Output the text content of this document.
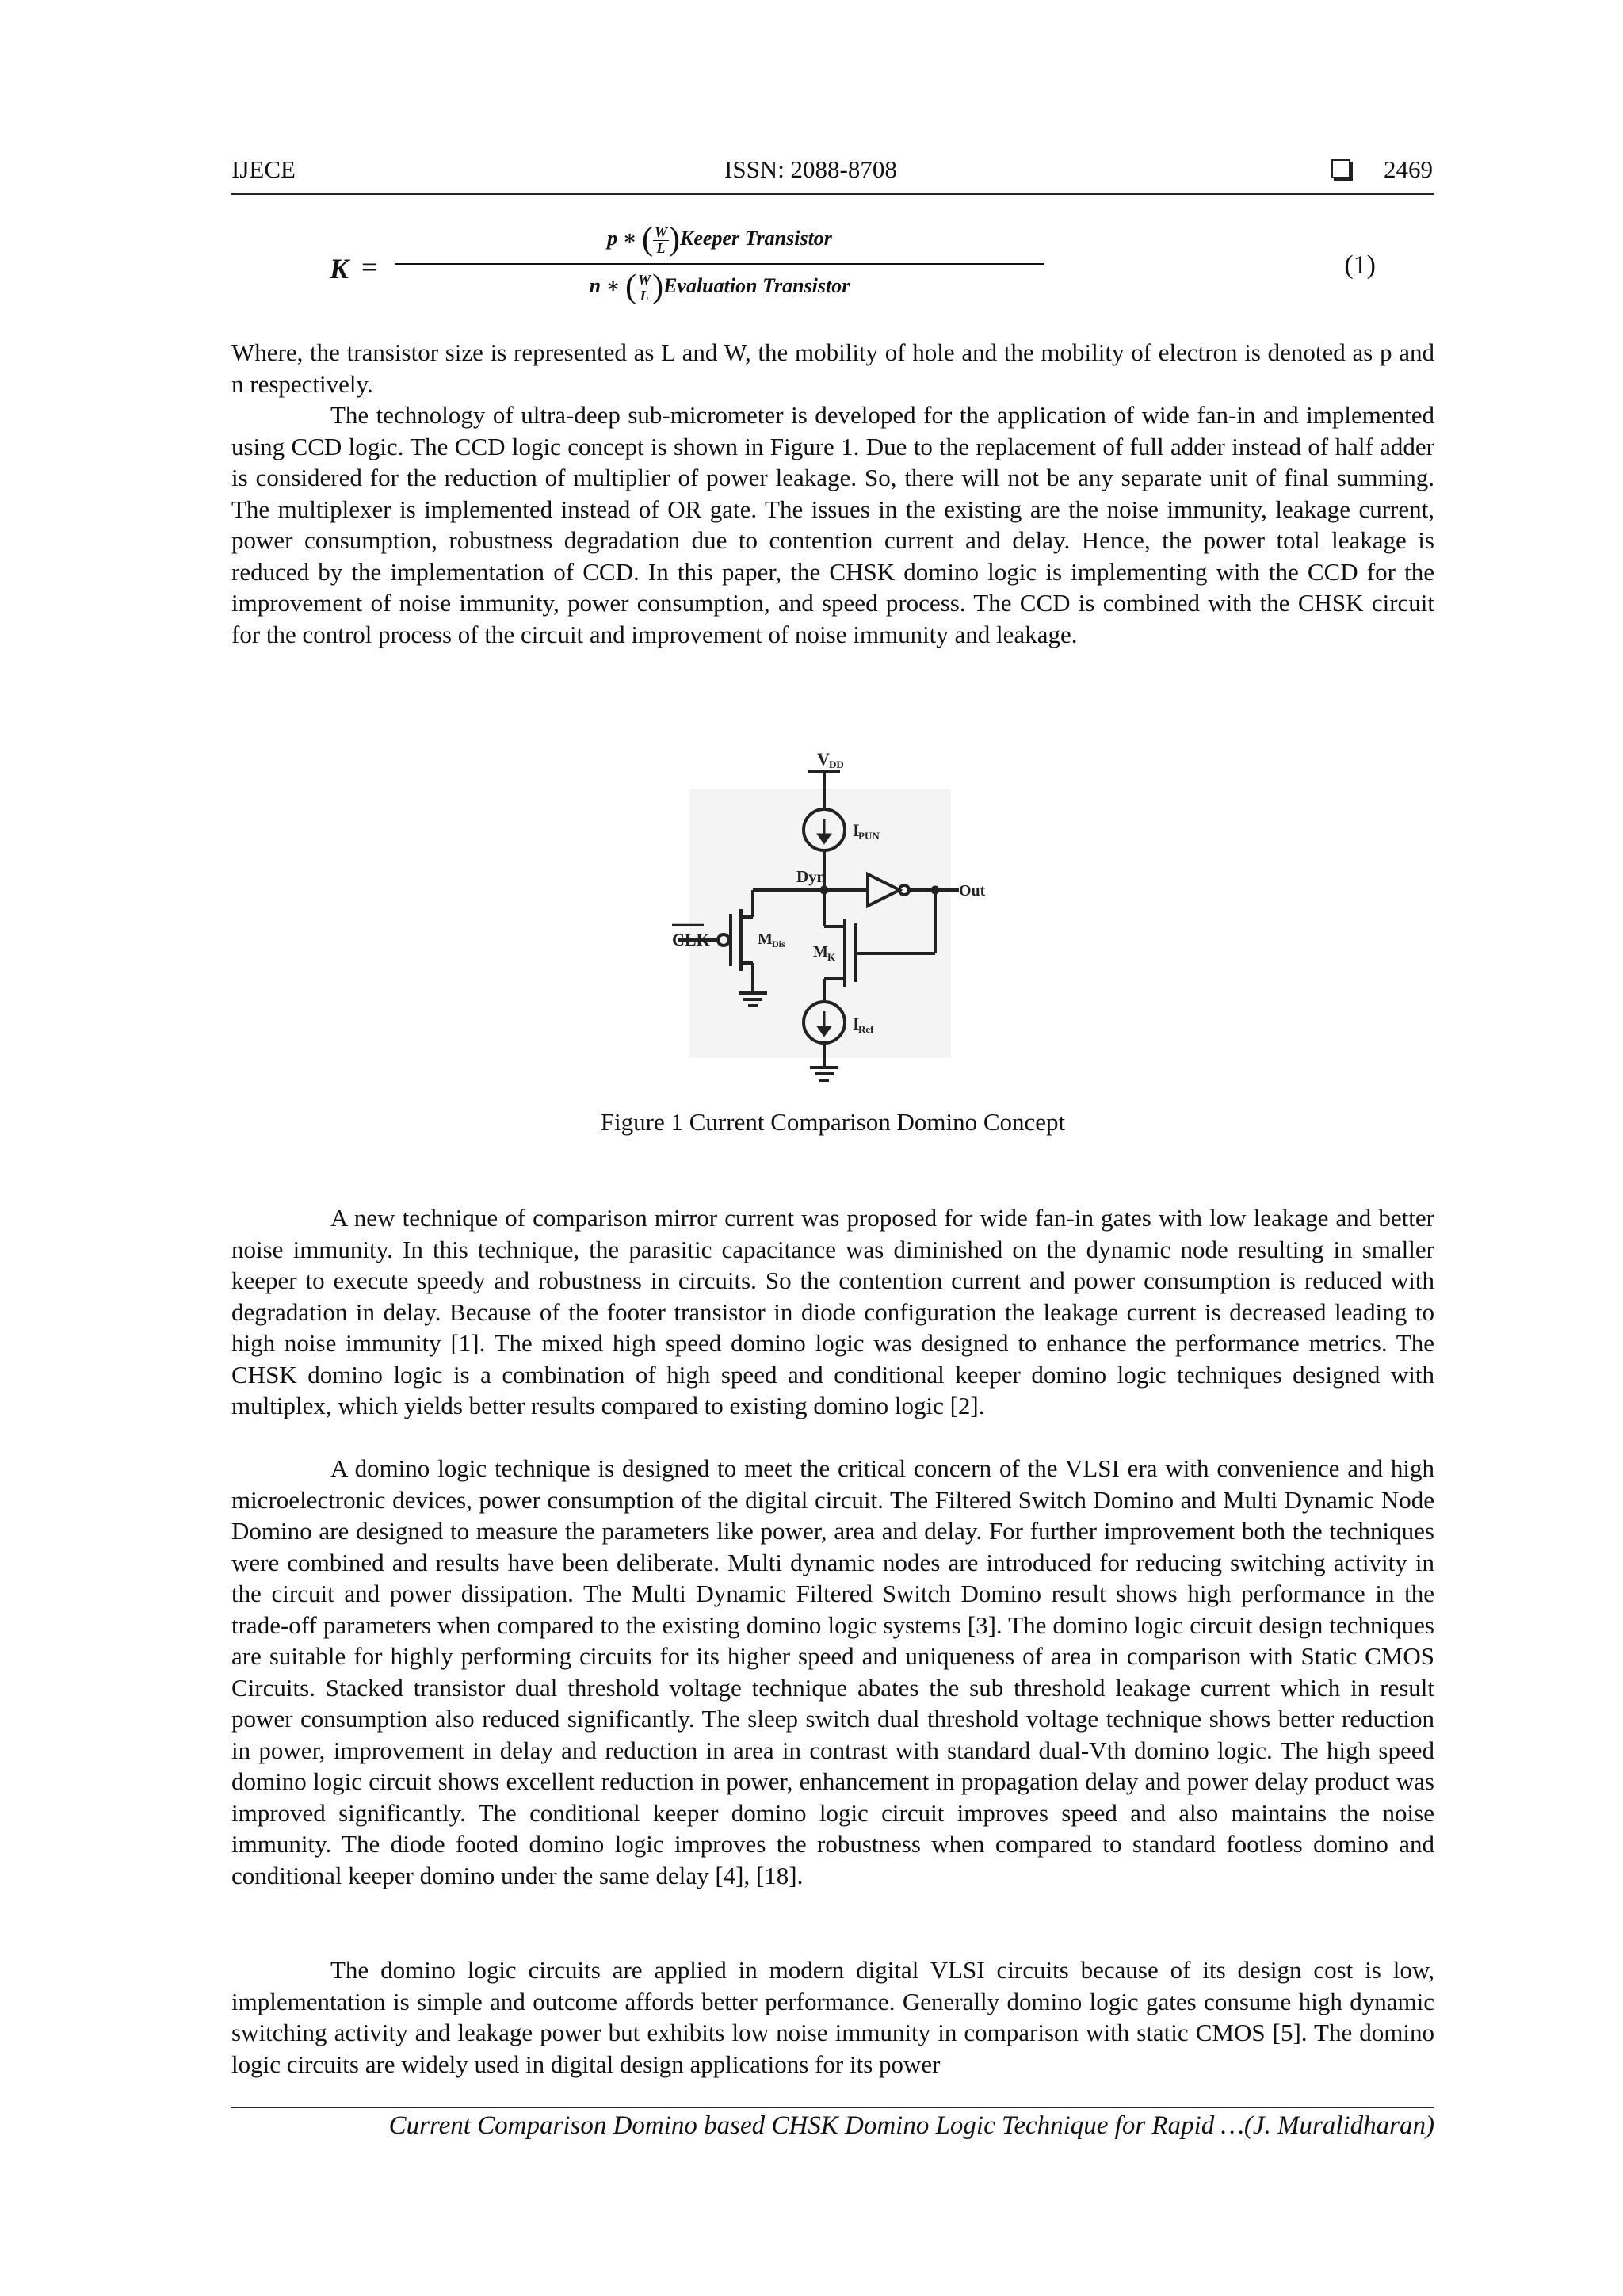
IJECE	ISSN: 2088-8708	2469
K =
p ∗ ( $\frac{W}{L}$ )Keeper Transistor
n ∗ ( $\frac{W}{L}$ )Evaluation Transistor
(1)

Where, the transistor size is represented as L and W, the mobility of hole and the mobility of electron is denoted as p and n respectively.

The technology of ultra-deep sub-micrometer is developed for the application of wide fan-in and implemented using CCD logic. The CCD logic concept is shown in Figure 1. Due to the replacement of full adder instead of half adder is considered for the reduction of multiplier of power leakage. So, there will not be any separate unit of final summing. The multiplexer is implemented instead of OR gate. The issues in the existing are the noise immunity, leakage current, power consumption, robustness degradation due to contention current and delay. Hence, the power total leakage is reduced by the implementation of CCD. In this paper, the CHSK domino logic is implementing with the CCD for the improvement of noise immunity, power consumption, and speed process. The CCD is combined with the CHSK circuit for the control process of the circuit and improvement of noise immunity and leakage.

V DD
I
PUN
Dyn
Out
CLK	M Dis M K
I
Ref
Figure 1 Current Comparison Domino Concept

A new technique of comparison mirror current was proposed for wide fan-in gates with low leakage and better noise immunity. In this technique, the parasitic capacitance was diminished on the dynamic node resulting in smaller keeper to execute speedy and robustness in circuits. So the contention current and power consumption is reduced with degradation in delay. Because of the footer transistor in diode configuration the leakage current is decreased leading to high noise immunity [1]. The mixed high speed domino logic was designed to enhance the performance metrics. The CHSK domino logic is a combination of high speed and conditional keeper domino logic techniques designed with multiplex, which yields better results compared to existing domino logic [2].

A domino logic technique is designed to meet the critical concern of the VLSI era with convenience and high microelectronic devices, power consumption of the digital circuit. The Filtered Switch Domino and Multi Dynamic Node Domino are designed to measure the parameters like power, area and delay. For further improvement both the techniques were combined and results have been deliberate. Multi dynamic nodes are introduced for reducing switching activity in the circuit and power dissipation. The Multi Dynamic Filtered Switch Domino result shows high performance in the trade-off parameters when compared to the existing domino logic systems [3]. The domino logic circuit design techniques are suitable for highly performing circuits for its higher speed and uniqueness of area in comparison with Static CMOS Circuits. Stacked transistor dual threshold voltage technique abates the sub threshold leakage current which in result power consumption also reduced significantly. The sleep switch dual threshold voltage technique shows better reduction in power, improvement in delay and reduction in area in contrast with standard dual-Vth domino logic. The high speed domino logic circuit shows excellent reduction in power, enhancement in propagation delay and power delay product was improved significantly. The conditional keeper domino logic circuit improves speed and also maintains the noise immunity. The diode footed domino logic improves the robustness when compared to standard footless domino and conditional keeper domino under the same delay [4], [18].

The domino logic circuits are applied in modern digital VLSI circuits because of its design cost is low, implementation is simple and outcome affords better performance. Generally domino logic gates consume high dynamic switching activity and leakage power but exhibits low noise immunity in comparison with static CMOS [5]. The domino logic circuits are widely used in digital design applications for its power

Current Comparison Domino based CHSK Domino Logic Technique for Rapid …(J. Muralidharan)
